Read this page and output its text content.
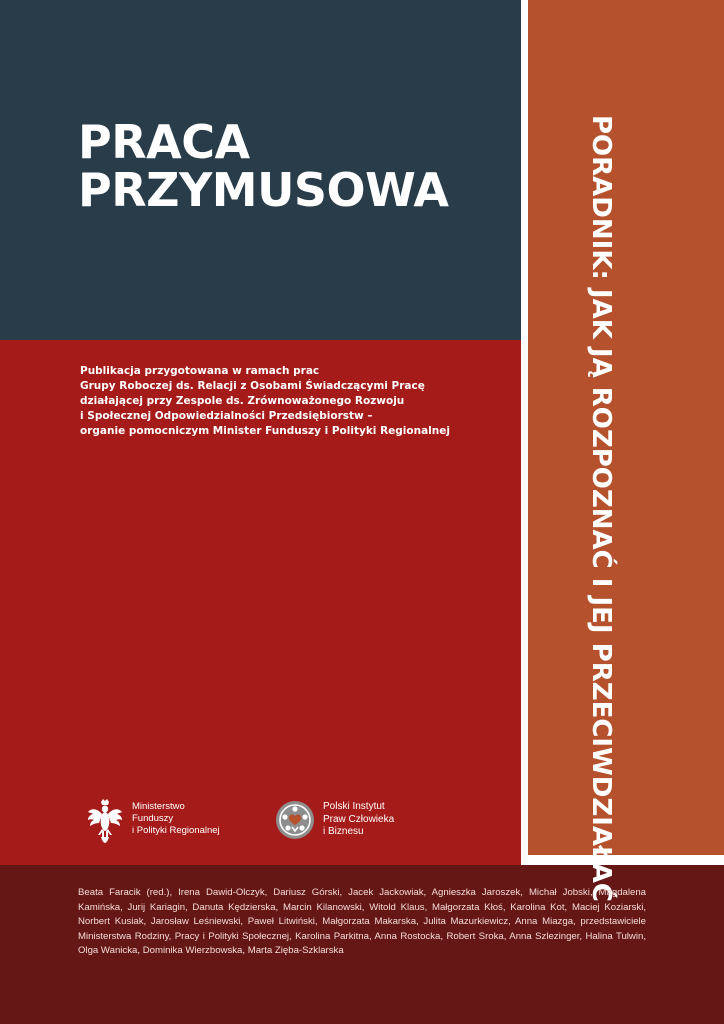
PRACA
PRZYMUSOWA
Publikacja przygotowana w ramach prac
Grupy Roboczej ds. Relacji z Osobami Świadczącymi Pracę
działającej przy Zespole ds. Zrównoważonego Rozwoju
i Społecznej Odpowiedzialności Przedsiębiorstw –
organie pomocniczym Minister Funduszy i Polityki Regionalnej	PORADNIK: JAK JĄ ROZPOZNAĆ I JEJ PRZECIWDZIAŁAĆ
Ministerstwo
Funduszy
i Polityki Regionalnej
Polski Instytut
Praw Człowieka
i Biznesu
Beata Faracik (red.), Irena Dawid-Olczyk, Dariusz Górski, Jacek Jackowiak, Agnieszka Jaroszek, Michał Jobski, Magdalena Kamińska, Jurij Kariagin, Danuta Kędzierska, Marcin Kilanowski, Witold Klaus, Małgorzata Kłoś, Karolina Kot, Maciej Koziarski, Norbert Kusiak, Jarosław Leśniewski, Paweł Litwiński, Małgorzata Makarska, Julita Mazurkiewicz, Anna Miazga, przedstawiciele Ministerstwa Rodziny, Pracy i Polityki Społecznej, Karolina Parkitna, Anna Rostocka, Robert Sroka, Anna Szlezinger, Halina Tulwin, Olga Wanicka, Dominika Wierzbowska, Marta Zięba-Szklarska
